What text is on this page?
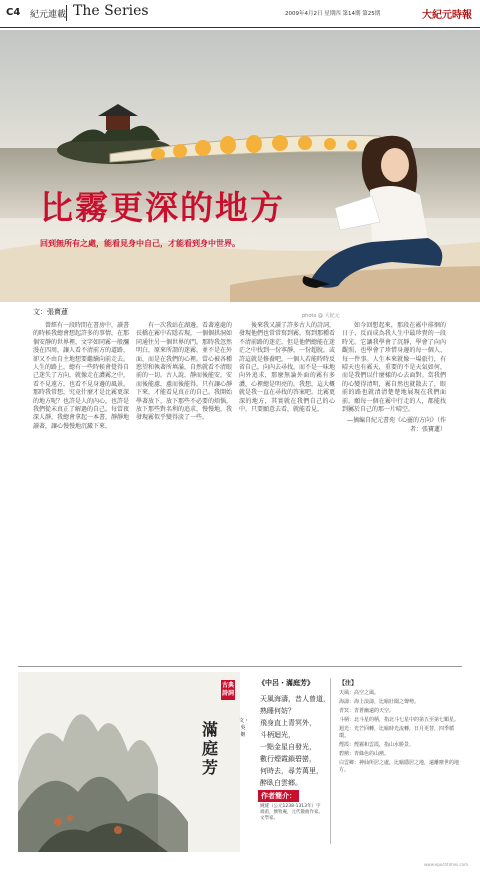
C4 紀元連載 The Series	2009年4月2日 星期四 第14期 第25期	大紀元時報
比霧更深的地方
回到無所有之處，能看見身中自己，才能看到身中世界。
photo @ 大紀元
文：張寶蓮

曾經有一段時間在書房中，讀書的時候我總會想起許多的事情，在那個安靜的世界裡，文字如同霧一般瀰漫在四周，讓人看不清前方的道路，卻又不由自主地想要繼續向前走去。人生的路上，總有一些時候會覺得自己迷失了方向，就像走在濃霧之中，看不見遠方，也看不見身邊的風景。那時我常想，究竟什麼才是比霧更深的地方呢？也許是人的內心，也許是我們從未真正了解過的自己。每當夜深人靜，我總會拿起一本書，靜靜地讀著，讓心慢慢地沉澱下來。

有一次我站在湖邊，看著遠處的長橋在霧中若隱若現，一個個拱洞如同通往另一個世界的門。那時我忽然明白，原來所謂的迷霧，並不是在外面，而是在我們的心裡。當心被各種慾望和執著所填滿，自然就看不清眼前的一切。古人說，靜而後能安，安而後能慮，慮而後能得。只有讓心靜下來，才能看見真正的自己。我開始學著放下，放下那些不必要的煩惱，放下那些對名利的追求，慢慢地，我發現霧似乎變得淡了一些。

後來我又讀了許多古人的詩詞，發現他們也常常寫到霧，寫到那種看不清前路的迷茫。但是他們總能在迷茫之中找到一份寧靜，一份超脫。或許這就是修養吧，一個人若能時時反省自己，向內去尋找，而不是一味地向外追求，那麼無論外面的霧有多濃，心裡總是明亮的。我想，這大概就是我一直在尋找的答案吧。比霧更深的地方，其實就在我們自己的心中，只要願意去看，就能看見。

如今回想起來，那段在霧中徘徊的日子，反而成為我人生中最珍貴的一段時光。它讓我學會了沉靜，學會了向內觀照，也學會了珍惜身邊的每一個人、每一件事。人生本來就像一場旅行，有晴天也有霧天，重要的不是天氣如何，而是我們以什麼樣的心去面對。當我們的心變得清明，霧自然也就散去了，眼前的路也就清清楚楚地展現在我們面前。願每一個在霧中行走的人，都能找到屬於自己的那一片晴空。

—摘編自紀元書苑《心靈的方向》（作者：張寶蓮）

古典詩詞
滿庭芳
文・吳姬
《中呂・滿庭芳》
天風海濤，昔人曾道，
熟睡何妨？
飛身直上青冥外，
斗柄迴光，
一點金星自發光，
數行煙霞鎖碧巒，
何時去，尋芳萬里，
醉臥白雲鄉。
作者簡介：
姚燧（公元1238-1313年）字端甫，號牧庵，元代散曲作家、文學家。
【注】
天風：高空之風。
海濤：海上浪濤，比喻壯闊之聲勢。
青冥：青蒼幽遠的天空。
斗柄：北斗星的柄，指北斗七星中的第五至第七顆星。
迴光：光芒回轉，比喻時光流轉，日月更替，四季循環。
煙霞：煙霧和雲霞，指山水勝景。
碧巒：青綠色的山巒。
白雲鄉：神仙所居之處，比喻隱居之地，遠離塵世的地方。
www.epochtimes.com
